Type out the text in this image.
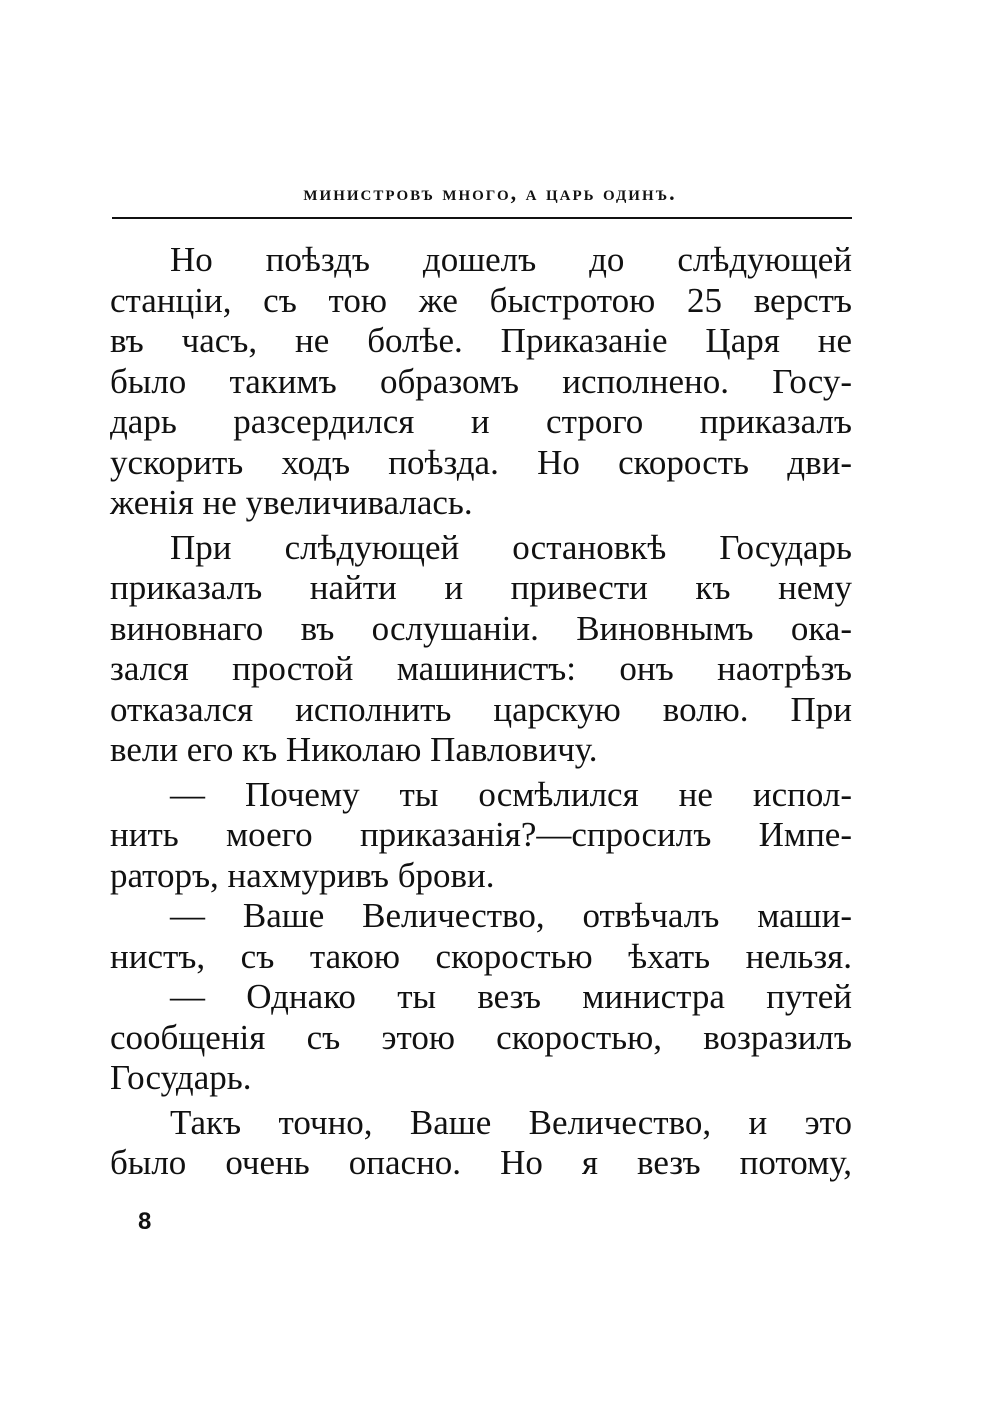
министровъ много, а царь одинъ.
Но поѣздъ дошелъ до слѣдующей
станціи, съ тою же быстротою 25 верстъ
въ часъ, не болѣе. Приказаніе Царя не
было такимъ образомъ исполнено. Госу-
дарь разсердился и строго приказалъ
ускорить ходъ поѣзда. Но скорость дви-
женія не увеличивалась.
При слѣдующей остановкѣ Государь
приказалъ найти и привести къ нему
виновнаго въ ослушаніи. Виновнымъ ока-
зался простой машинистъ: онъ наотрѣзъ
отказался исполнить царскую волю. При
вели его къ Николаю Павловичу.
— Почему ты осмѣлился не испол-
нить моего приказанія?—спросилъ Импе-
раторъ, нахмуривъ брови.
— Ваше Величество, отвѣчалъ маши-
нистъ, съ такою скоростью ѣхать нельзя.
— Однако ты везъ министра путей
сообщенія съ этою скоростью, возразилъ
Государь.
Такъ точно, Ваше Величество, и это
было очень опасно. Но я везъ потому,
8
